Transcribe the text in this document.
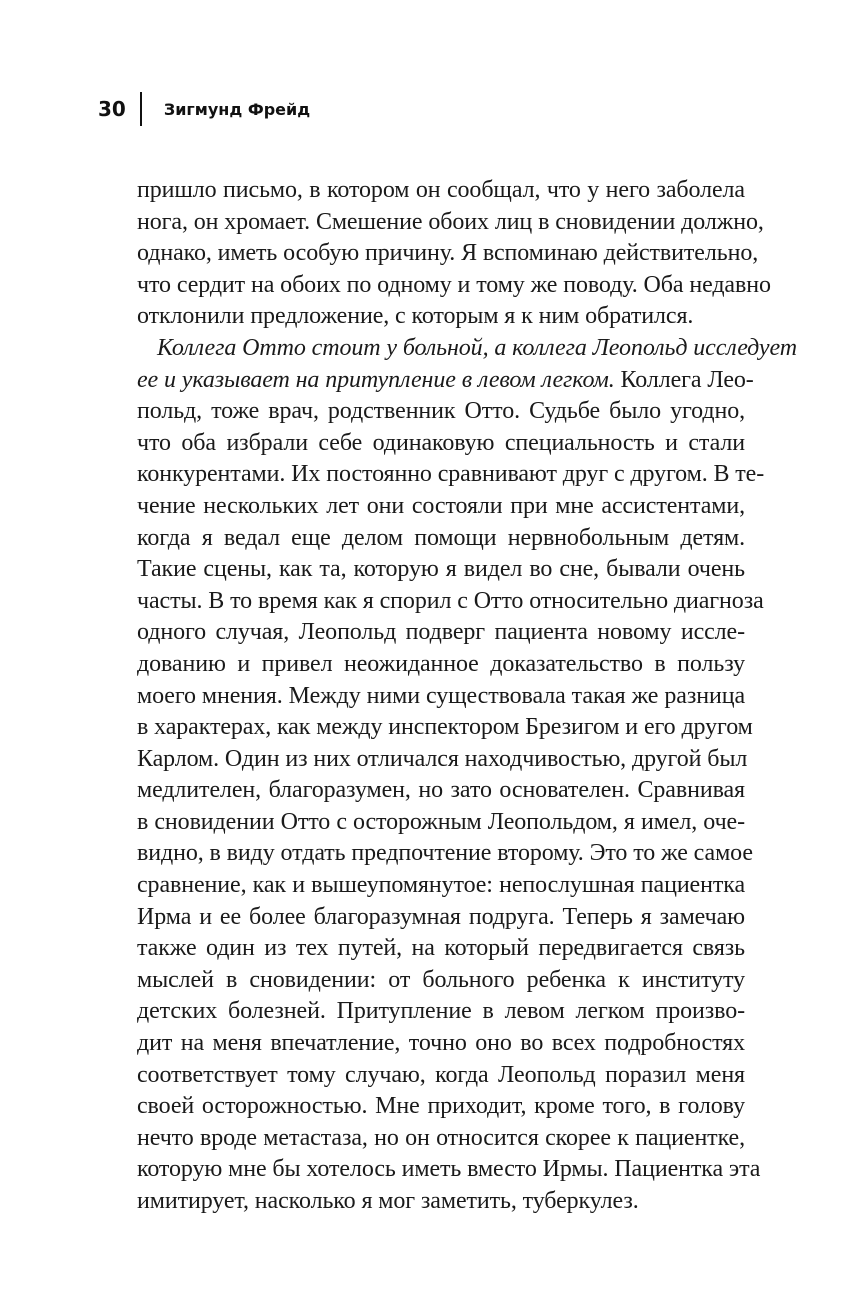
30 Зигмунд Фрейд
пришло письмо, в котором он сообщал, что у него заболела
нога, он хромает. Смешение обоих лиц в сновидении должно,
однако, иметь особую причину. Я вспоминаю действительно,
что сердит на обоих по одному и тому же поводу. Оба недавно
отклонили предложение, с которым я к ним обратился.
Коллега Отто стоит у больной, а коллега Леопольд исследует
ее и указывает на притупление в левом легком. Коллега Лео-
польд, тоже врач, родственник Отто. Судьбе было угодно,
что оба избрали себе одинаковую специальность и стали
конкурентами. Их постоянно сравнивают друг с другом. В те-
чение нескольких лет они состояли при мне ассистентами,
когда я ведал еще делом помощи нервнобольным детям.
Такие сцены, как та, которую я видел во сне, бывали очень
часты. В то время как я спорил с Отто относительно диагноза
одного случая, Леопольд подверг пациента новому иссле-
дованию и привел неожиданное доказательство в пользу
моего мнения. Между ними существовала такая же разница
в характерах, как между инспектором Брезигом и его другом
Карлом. Один из них отличался находчивостью, другой был
медлителен, благоразумен, но зато основателен. Сравнивая
в сновидении Отто с осторожным Леопольдом, я имел, оче-
видно, в виду отдать предпочтение второму. Это то же самое
сравнение, как и вышеупомянутое: непослушная пациентка
Ирма и ее более благоразумная подруга. Теперь я замечаю
также один из тех путей, на который передвигается связь
мыслей в сновидении: от больного ребенка к институту
детских болезней. Притупление в левом легком произво-
дит на меня впечатление, точно оно во всех подробностях
соответствует тому случаю, когда Леопольд поразил меня
своей осторожностью. Мне приходит, кроме того, в голову
нечто вроде метастаза, но он относится скорее к пациентке,
которую мне бы хотелось иметь вместо Ирмы. Пациентка эта
имитирует, насколько я мог заметить, туберкулез.
